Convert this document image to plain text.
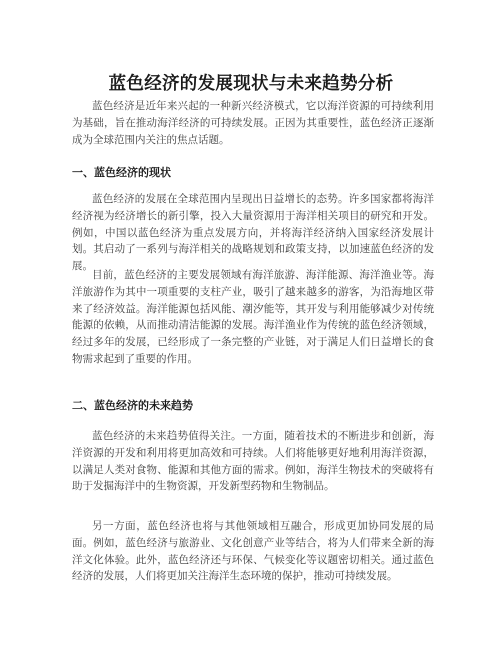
蓝色经济的发展现状与未来趋势分析

蓝色经济是近年来兴起的一种新兴经济模式，它以海洋资源的可持续利用为基础，旨在推动海洋经济的可持续发展。正因为其重要性，蓝色经济正逐渐成为全球范围内关注的焦点话题。

一、蓝色经济的现状

蓝色经济的发展在全球范围内呈现出日益增长的态势。许多国家都将海洋经济视为经济增长的新引擎，投入大量资源用于海洋相关项目的研究和开发。例如，中国以蓝色经济为重点发展方向，并将海洋经济纳入国家经济发展计划。其启动了一系列与海洋相关的战略规划和政策支持，以加速蓝色经济的发展。

目前，蓝色经济的主要发展领域有海洋旅游、海洋能源、海洋渔业等。海洋旅游作为其中一项重要的支柱产业，吸引了越来越多的游客，为沿海地区带来了经济效益。海洋能源包括风能、潮汐能等，其开发与利用能够减少对传统能源的依赖，从而推动清洁能源的发展。海洋渔业作为传统的蓝色经济领域，经过多年的发展，已经形成了一条完整的产业链，对于满足人们日益增长的食物需求起到了重要的作用。

二、蓝色经济的未来趋势

蓝色经济的未来趋势值得关注。一方面，随着技术的不断进步和创新，海洋资源的开发和利用将更加高效和可持续。人们将能够更好地利用海洋资源，以满足人类对食物、能源和其他方面的需求。例如，海洋生物技术的突破将有助于发掘海洋中的生物资源，开发新型药物和生物制品。

另一方面，蓝色经济也将与其他领域相互融合，形成更加协同发展的局面。例如，蓝色经济与旅游业、文化创意产业等结合，将为人们带来全新的海洋文化体验。此外，蓝色经济还与环保、气候变化等议题密切相关。通过蓝色经济的发展，人们将更加关注海洋生态环境的保护，推动可持续发展。
